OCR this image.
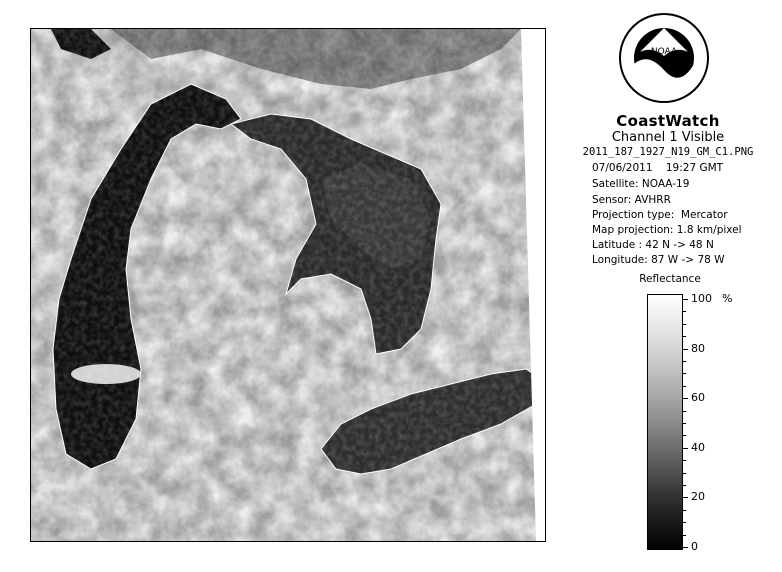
NOAA
CoastWatch
Channel 1 Visible
2011_187_1927_N19_GM_C1.PNG
07/06/2011    19:27 GMT
Satellite: NOAA-19
Sensor: AVHRR
Projection type:  Mercator
Map projection: 1.8 km/pixel
Latitude : 42 N -> 48 N
Longitude: 87 W -> 78 W
Reflectance
%
100
80
60
40
20
0
